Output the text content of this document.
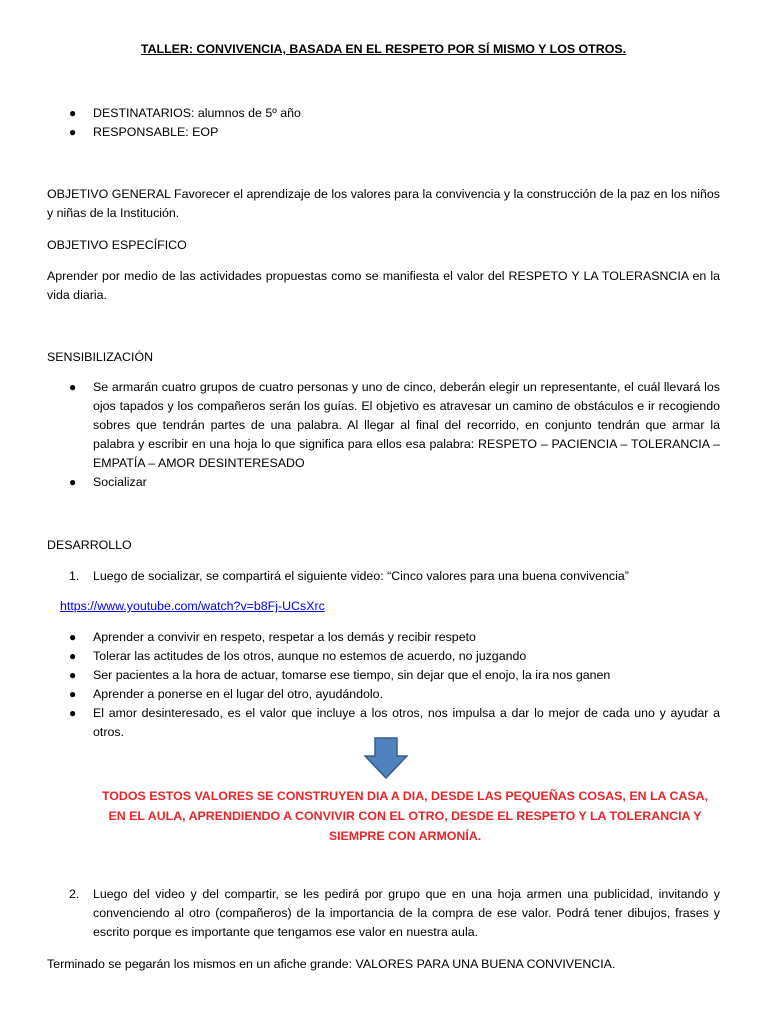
TALLER: CONVIVENCIA, BASADA EN EL RESPETO POR SÍ MISMO Y LOS OTROS.
● DESTINATARIOS: alumnos de 5º año
● RESPONSABLE: EOP
OBJETIVO GENERAL Favorecer el aprendizaje de los valores para la convivencia y la construcción de la paz en los niños y niñas de la Institución.
OBJETIVO ESPECÍFICO
Aprender por medio de las actividades propuestas como se manifiesta el valor del RESPETO Y LA TOLERASNCIA en la vida diaria.
SENSIBILIZACIÓN
● Se armarán cuatro grupos de cuatro personas y uno de cinco, deberán elegir un representante, el cuál llevará los ojos tapados y los compañeros serán los guías. El objetivo es atravesar un camino de obstáculos e ir recogiendo sobres que tendrán partes de una palabra. Al llegar al final del recorrido, en conjunto tendrán que armar la palabra y escribir en una hoja lo que significa para ellos esa palabra: RESPETO – PACIENCIA – TOLERANCIA – EMPATÍA – AMOR DESINTERESADO
● Socializar
DESARROLLO
1. Luego de socializar, se compartirá el siguiente video: “Cinco valores para una buena convivencia”
https://www.youtube.com/watch?v=b8Fj-UCsXrc
● Aprender a convivir en respeto, respetar a los demás y recibir respeto
● Tolerar las actitudes de los otros, aunque no estemos de acuerdo, no juzgando
● Ser pacientes a la hora de actuar, tomarse ese tiempo, sin dejar que el enojo, la ira nos ganen
● Aprender a ponerse en el lugar del otro, ayudándolo.
● El amor desinteresado, es el valor que incluye a los otros, nos impulsa a dar lo mejor de cada uno y ayudar a otros.
TODOS ESTOS VALORES SE CONSTRUYEN DIA A DIA, DESDE LAS PEQUEÑAS COSAS, EN LA CASA, EN EL AULA, APRENDIENDO A CONVIVIR CON EL OTRO, DESDE EL RESPETO Y LA TOLERANCIA Y SIEMPRE CON ARMONÍA.
2. Luego del video y del compartir, se les pedirá por grupo que en una hoja armen una publicidad, invitando y convenciendo al otro (compañeros) de la importancia de la compra de ese valor. Podrá tener dibujos, frases y escrito porque es importante que tengamos ese valor en nuestra aula.
Terminado se pegarán los mismos en un afiche grande: VALORES PARA UNA BUENA CONVIVENCIA.
